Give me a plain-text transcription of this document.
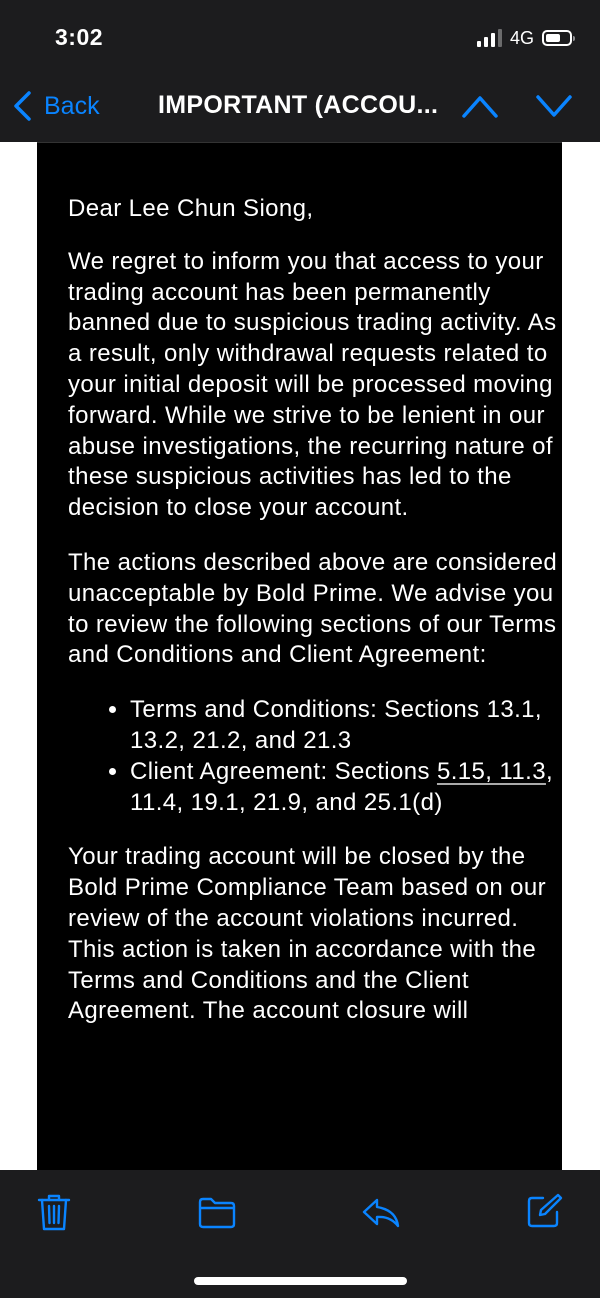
3:02	4G
Back IMPORTANT (ACCOU...

Dear Lee Chun Siong,

We regret to inform you that access to your trading account has been permanently banned due to suspicious trading activity. As a result, only withdrawal requests related to your initial deposit will be processed moving forward. While we strive to be lenient in our abuse investigations, the recurring nature of these suspicious activities has led to the decision to close your account.

The actions described above are considered unacceptable by Bold Prime. We advise you to review the following sections of our Terms and Conditions and Client Agreement:

• Terms and Conditions: Sections 13.1, 13.2, 21.2, and 21.3
• Client Agreement: Sections 5.15, 11.3, 11.4, 19.1, 21.9, and 25.1(d)

Your trading account will be closed by the Bold Prime Compliance Team based on our review of the account violations incurred. This action is taken in accordance with the Terms and Conditions and the Client Agreement. The account closure will
